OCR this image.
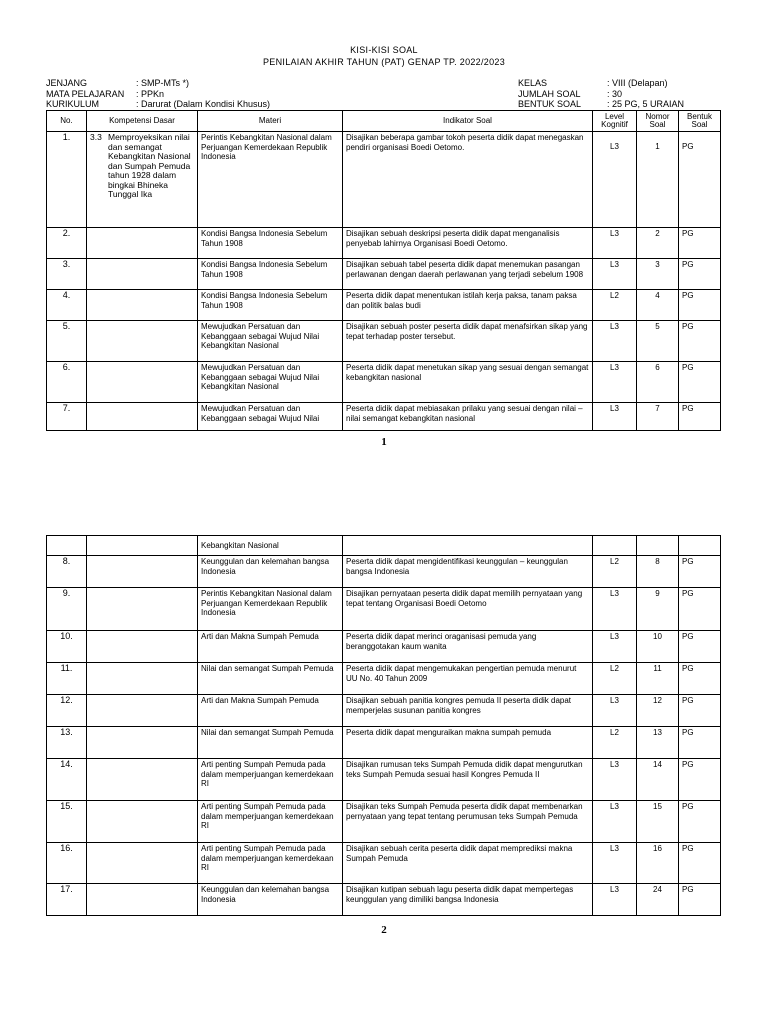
KISI-KISI SOAL
PENILAIAN AKHIR TAHUN (PAT) GENAP TP. 2022/2023
JENJANG	: SMP-MTs *)
MATA PELAJARAN	: PPKn
KURIKULUM	: Darurat (Dalam Kondisi Khusus)
KELAS	: VIII (Delapan)
JUMLAH SOAL	: 30
BENTUK SOAL	: 25 PG, 5 URAIAN
No.	Kompetensi Dasar	Materi	Indikator Soal	Level Kognitif	Nomor Soal	Bentuk Soal
1.	3.3 Memproyeksikan nilai dan semangat Kebangkitan Nasional dan Sumpah Pemuda tahun 1928 dalam bingkai Bhineka Tunggal Ika	Perintis Kebangkitan Nasional dalam Perjuangan Kemerdekaan Republik Indonesia	Disajikan beberapa gambar tokoh peserta didik dapat menegaskan pendiri organisasi Boedi Oetomo.	L3	1	PG
2.		Kondisi Bangsa Indonesia Sebelum Tahun 1908	Disajikan sebuah deskripsi peserta didik dapat menganalisis penyebab lahirnya Organisasi Boedi Oetomo.	L3	2	PG
3.		Kondisi Bangsa Indonesia Sebelum Tahun 1908	Disajikan sebuah tabel peserta didik dapat menemukan pasangan perlawanan dengan daerah perlawanan yang terjadi sebelum 1908	L3	3	PG
4.		Kondisi Bangsa Indonesia Sebelum Tahun 1908	Peserta didik dapat menentukan istilah kerja paksa, tanam paksa dan politik balas budi	L2	4	PG
5.		Mewujudkan Persatuan dan Kebanggaan sebagai Wujud Nilai Kebangkitan Nasional	Disajikan sebuah poster peserta didik dapat menafsirkan sikap yang tepat terhadap poster tersebut.	L3	5	PG
6.		Mewujudkan Persatuan dan Kebanggaan sebagai Wujud Nilai Kebangkitan Nasional	Peserta didik dapat menetukan sikap yang sesuai dengan semangat kebangkitan nasional	L3	6	PG
7.		Mewujudkan Persatuan dan Kebanggaan sebagai Wujud Nilai	Peserta didik dapat mebiasakan prilaku yang sesuai dengan nilai – nilai semangat kebangkitan nasional	L3	7	PG
1
		Kebangkitan Nasional				
8.		Keunggulan dan kelemahan bangsa Indonesia	Peserta didik dapat mengidentifikasi keunggulan – keunggulan bangsa Indonesia	L2	8	PG
9.		Perintis Kebangkitan Nasional dalam Perjuangan Kemerdekaan Republik Indonesia	Disajikan pernyataan peserta didik dapat memilih pernyataan yang tepat tentang Organisasi Boedi Oetomo	L3	9	PG
10.		Arti dan Makna Sumpah Pemuda	Peserta didik dapat merinci oraganisasi pemuda yang beranggotakan kaum wanita	L3	10	PG
11.		Nilai dan semangat Sumpah Pemuda	Peserta didik dapat mengemukakan pengertian pemuda menurut UU No. 40 Tahun 2009	L2	11	PG
12.		Arti dan Makna Sumpah Pemuda	Disajikan sebuah panitia kongres pemuda II peserta didik dapat memperjelas susunan panitia kongres	L3	12	PG
13.		Nilai dan semangat Sumpah Pemuda	Peserta didik dapat menguraikan makna sumpah pemuda	L2	13	PG
14.		Arti penting Sumpah Pemuda pada dalam memperjuangan kemerdekaan RI	Disajikan rumusan teks Sumpah Pemuda didik dapat mengurutkan teks Sumpah Pemuda sesuai hasil Kongres Pemuda II	L3	14	PG
15.		Arti penting Sumpah Pemuda pada dalam memperjuangan kemerdekaan RI	Disajikan teks Sumpah Pemuda peserta didik dapat membenarkan pernyataan yang tepat tentang perumusan teks Sumpah Pemuda	L3	15	PG
16.		Arti penting Sumpah Pemuda pada dalam memperjuangan kemerdekaan RI	Disajikan sebuah cerita peserta didik dapat memprediksi makna Sumpah Pemuda	L3	16	PG
17.		Keunggulan dan kelemahan bangsa Indonesia	Disajikan kutipan sebuah lagu peserta didik dapat mempertegas keunggulan yang dimiliki bangsa Indonesia	L3	24	PG
2
